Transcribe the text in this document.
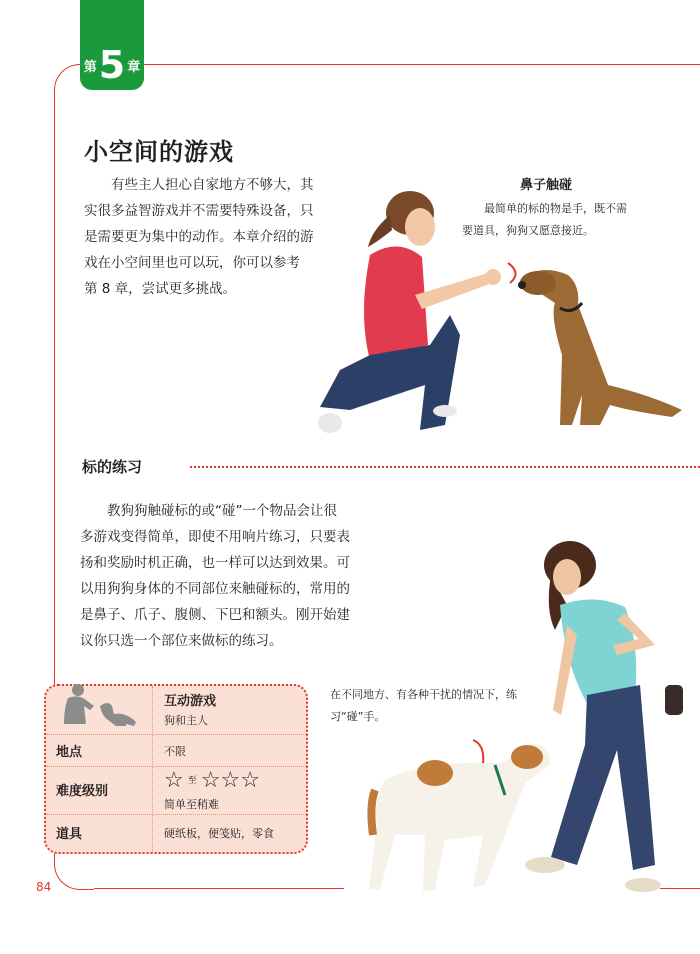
第 5 章
小空间的游戏
　　有些主人担心自家地方不够大，其
实很多益智游戏并不需要特殊设备，只
是需要更为集中的动作。本章介绍的游
戏在小空间里也可以玩，你可以参考
第 8 章，尝试更多挑战。
鼻子触碰
　　最简单的标的物是手，既不需
要道具，狗狗又愿意接近。
标的练习
　　教狗狗触碰标的或“碰”一个物品会让很
多游戏变得简单，即使不用响片练习，只要表
扬和奖励时机正确，也一样可以达到效果。可
以用狗狗身体的不同部位来触碰标的，常用的
是鼻子、爪子、腹侧、下巴和额头。刚开始建
议你只选一个部位来做标的练习。
在不同地方、有各种干扰的情况下，练
习“碰”手。
互动游戏
狗和主人
地点	不限
难度级别	☆ 至 ☆☆☆
简单至稍难
道具	硬纸板，便笺贴，零食
84
